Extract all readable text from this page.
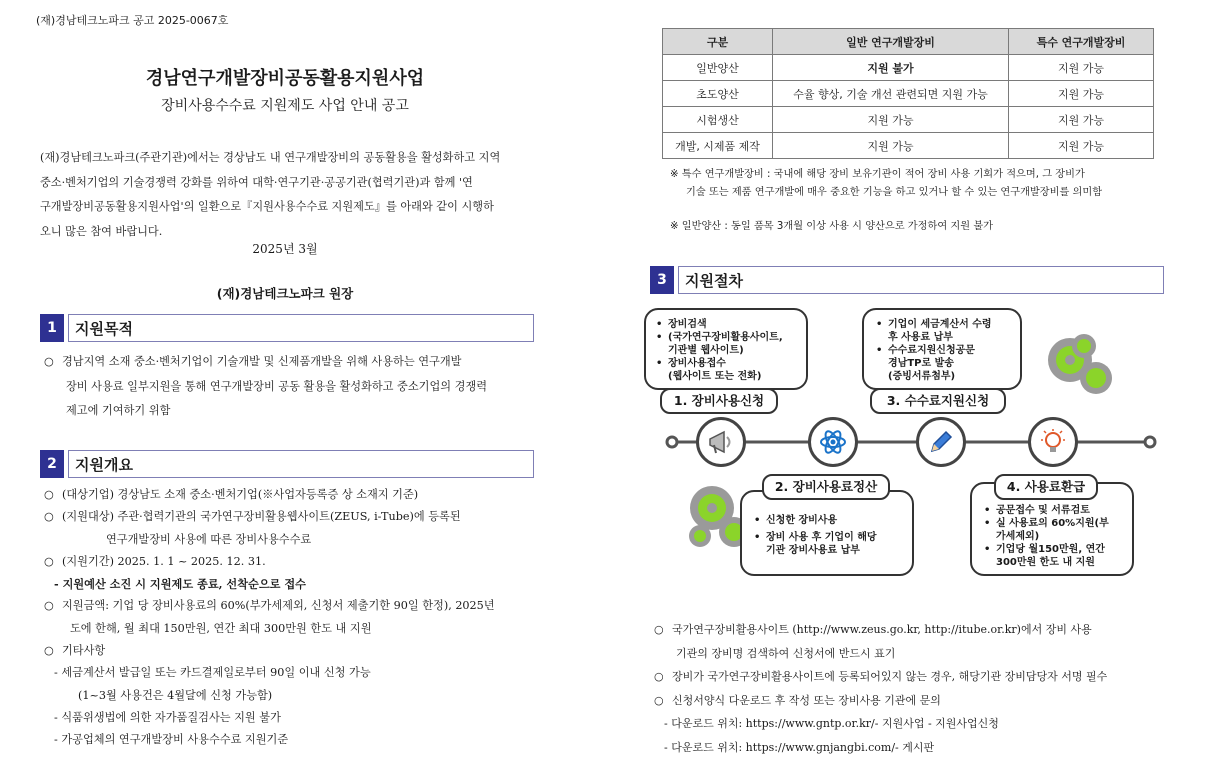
(재)경남테크노파크 공고 2025-0067호
경남연구개발장비공동활용지원사업
장비사용수수료 지원제도 사업 안내 공고
(재)경남테크노파크(주관기관)에서는 경상남도 내 연구개발장비의 공동활용을 활성화하고 지역
중소·벤처기업의 기술경쟁력 강화를 위하여 대학·연구기관·공공기관(협력기관)과 함께 '연
구개발장비공동활용지원사업'의 일환으로『지원사용수수료 지원제도』를 아래와 같이 시행하
오니 많은 참여 바랍니다.
2025년 3월
(재)경남테크노파크 원장
1	지원목적
○ 경남지역 소재 중소·벤처기업이 기술개발 및 신제품개발을 위해 사용하는 연구개발
장비 사용료 일부지원을 통해 연구개발장비 공동 활용을 활성화하고 중소기업의 경쟁력
제고에 기여하기 위함
2	지원개요
○ (대상기업) 경상남도 소재 중소·벤처기업(※사업자등록증 상 소재지 기준)
○ (지원대상) 주관·협력기관의 국가연구장비활용웹사이트(ZEUS, i-Tube)에 등록된
연구개발장비 사용에 따른 장비사용수수료
○ (지원기간) 2025. 1. 1 ~ 2025. 12. 31.
- 지원예산 소진 시 지원제도 종료, 선착순으로 접수
○ 지원금액: 기업 당 장비사용료의 60%(부가세제외, 신청서 제출기한 90일 한정), 2025년
도에 한해, 월 최대 150만원, 연간 최대 300만원 한도 내 지원
○ 기타사항
- 세금계산서 발급일 또는 카드결제일로부터 90일 이내 신청 가능
(1~3월 사용건은 4월달에 신청 가능함)
- 식품위생법에 의한 자가품질검사는 지원 불가
- 가공업체의 연구개발장비 사용수수료 지원기준
구분	일반 연구개발장비	특수 연구개발장비
일반양산	지원 불가	지원 가능
초도양산	수율 향상, 기술 개선 관련되면 지원 가능	지원 가능
시험생산	지원 가능	지원 가능
개발, 시제품 제작	지원 가능	지원 가능
※ 특수 연구개발장비 : 국내에 해당 장비 보유기관이 적어 장비 사용 기회가 적으며, 그 장비가
기술 또는 제품 연구개발에 매우 중요한 기능을 하고 있거나 할 수 있는 연구개발장비를 의미함
※ 일반양산 : 동일 품목 3개월 이상 사용 시 양산으로 가정하여 지원 불가
3	지원절차
• 장비검색
• (국가연구장비활용사이트,
기관별 웹사이트)
• 장비사용접수
(웹사이트 또는 전화)
1. 장비사용신청
• 기업이 세금계산서 수령
후 사용료 납부
• 수수료지원신청공문
경남TP로 발송
(증빙서류첨부)
3. 수수료지원신청
• 신청한 장비사용
• 장비 사용 후 기업이 해당
기관 장비사용료 납부
2. 장비사용료정산
• 공문접수 및 서류검토
• 실 사용료의 60%지원(부
가세제외)
• 기업당 월150만원, 연간
300만원 한도 내 지원
4. 사용료환급
○ 국가연구장비활용사이트 (http://www.zeus.go.kr, http://itube.or.kr)에서 장비 사용
기관의 장비명 검색하여 신청서에 반드시 표기
○ 장비가 국가연구장비활용사이트에 등록되어있지 않는 경우, 해당기관 장비담당자 서명 필수
○ 신청서양식 다운로드 후 작성 또는 장비사용 기관에 문의
- 다운로드 위치: https://www.gntp.or.kr/- 지원사업 - 지원사업신청
- 다운로드 위치: https://www.gnjangbi.com/- 게시판
